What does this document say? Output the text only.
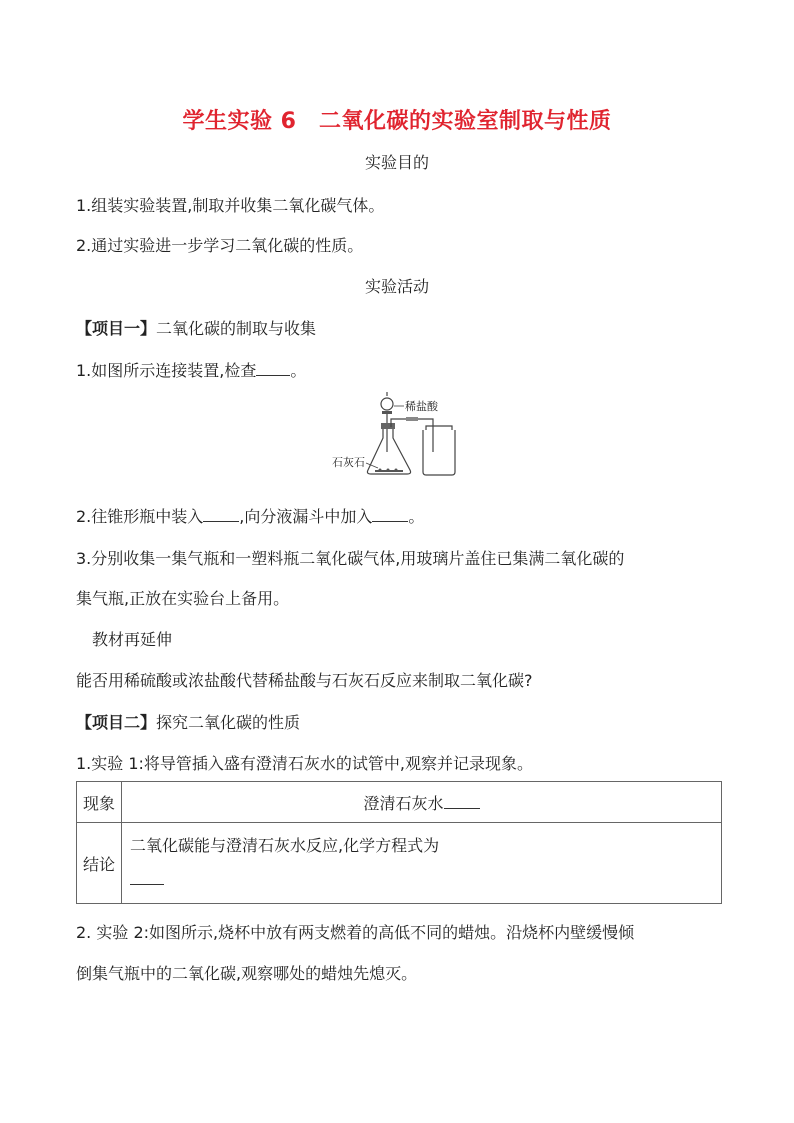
学生实验 6　二氧化碳的实验室制取与性质
实验目的
1.组装实验装置,制取并收集二氧化碳气体。
2.通过实验进一步学习二氧化碳的性质。
实验活动
【项目一】二氧化碳的制取与收集
1.如图所示连接装置,检查 。
稀盐酸
石灰石
2.往锥形瓶中装入 ,向分液漏斗中加入 。
3.分别收集一集气瓶和一塑料瓶二氧化碳气体,用玻璃片盖住已集满二氧化碳的
集气瓶,正放在实验台上备用。
教材再延伸
能否用稀硫酸或浓盐酸代替稀盐酸与石灰石反应来制取二氧化碳?
【项目二】探究二氧化碳的性质
1.实验 1:将导管插入盛有澄清石灰水的试管中,观察并记录现象。
现象	澄清石灰水
结论	二氧化碳能与澄清石灰水反应,化学方程式为
2. 实验 2:如图所示,烧杯中放有两支燃着的高低不同的蜡烛。沿烧杯内壁缓慢倾
倒集气瓶中的二氧化碳,观察哪处的蜡烛先熄灭。
